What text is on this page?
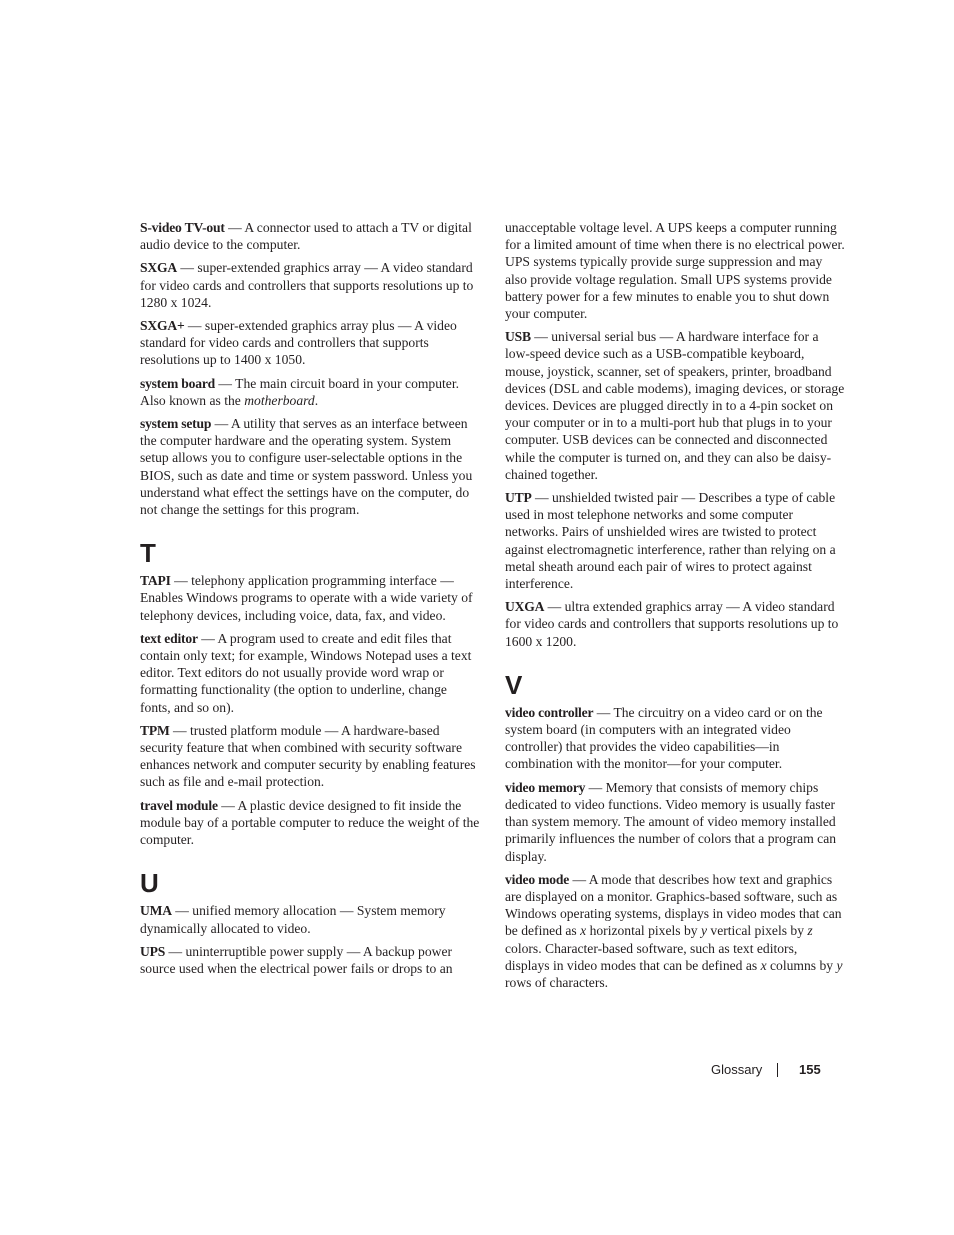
S-video TV-out — A connector used to attach a TV or digital audio device to the computer.

SXGA — super-extended graphics array — A video standard for video cards and controllers that supports resolutions up to 1280 x 1024.

SXGA+ — super-extended graphics array plus — A video standard for video cards and controllers that supports resolutions up to 1400 x 1050.

system board — The main circuit board in your computer. Also known as the motherboard.

system setup — A utility that serves as an interface between the computer hardware and the operating system. System setup allows you to configure user-selectable options in the BIOS, such as date and time or system password. Unless you understand what effect the settings have on the computer, do not change the settings for this program.

T

TAPI — telephony application programming interface — Enables Windows programs to operate with a wide variety of telephony devices, including voice, data, fax, and video.

text editor — A program used to create and edit files that contain only text; for example, Windows Notepad uses a text editor. Text editors do not usually provide word wrap or formatting functionality (the option to underline, change fonts, and so on).

TPM — trusted platform module — A hardware-based security feature that when combined with security software enhances network and computer security by enabling features such as file and e-mail protection.

travel module — A plastic device designed to fit inside the module bay of a portable computer to reduce the weight of the computer.

U

UMA — unified memory allocation — System memory dynamically allocated to video.

UPS — uninterruptible power supply — A backup power source used when the electrical power fails or drops to an

unacceptable voltage level. A UPS keeps a computer running for a limited amount of time when there is no electrical power. UPS systems typically provide surge suppression and may also provide voltage regulation. Small UPS systems provide battery power for a few minutes to enable you to shut down your computer.

USB — universal serial bus — A hardware interface for a low-speed device such as a USB-compatible keyboard, mouse, joystick, scanner, set of speakers, printer, broadband devices (DSL and cable modems), imaging devices, or storage devices. Devices are plugged directly in to a 4-pin socket on your computer or in to a multi-port hub that plugs in to your computer. USB devices can be connected and disconnected while the computer is turned on, and they can also be daisy-chained together.

UTP — unshielded twisted pair — Describes a type of cable used in most telephone networks and some computer networks. Pairs of unshielded wires are twisted to protect against electromagnetic interference, rather than relying on a metal sheath around each pair of wires to protect against interference.

UXGA — ultra extended graphics array — A video standard for video cards and controllers that supports resolutions up to 1600 x 1200.

V

video controller — The circuitry on a video card or on the system board (in computers with an integrated video controller) that provides the video capabilities—in combination with the monitor—for your computer.

video memory — Memory that consists of memory chips dedicated to video functions. Video memory is usually faster than system memory. The amount of video memory installed primarily influences the number of colors that a program can display.

video mode — A mode that describes how text and graphics are displayed on a monitor. Graphics-based software, such as Windows operating systems, displays in video modes that can be defined as x horizontal pixels by y vertical pixels by z colors. Character-based software, such as text editors, displays in video modes that can be defined as x columns by y rows of characters.

Glossary	155
